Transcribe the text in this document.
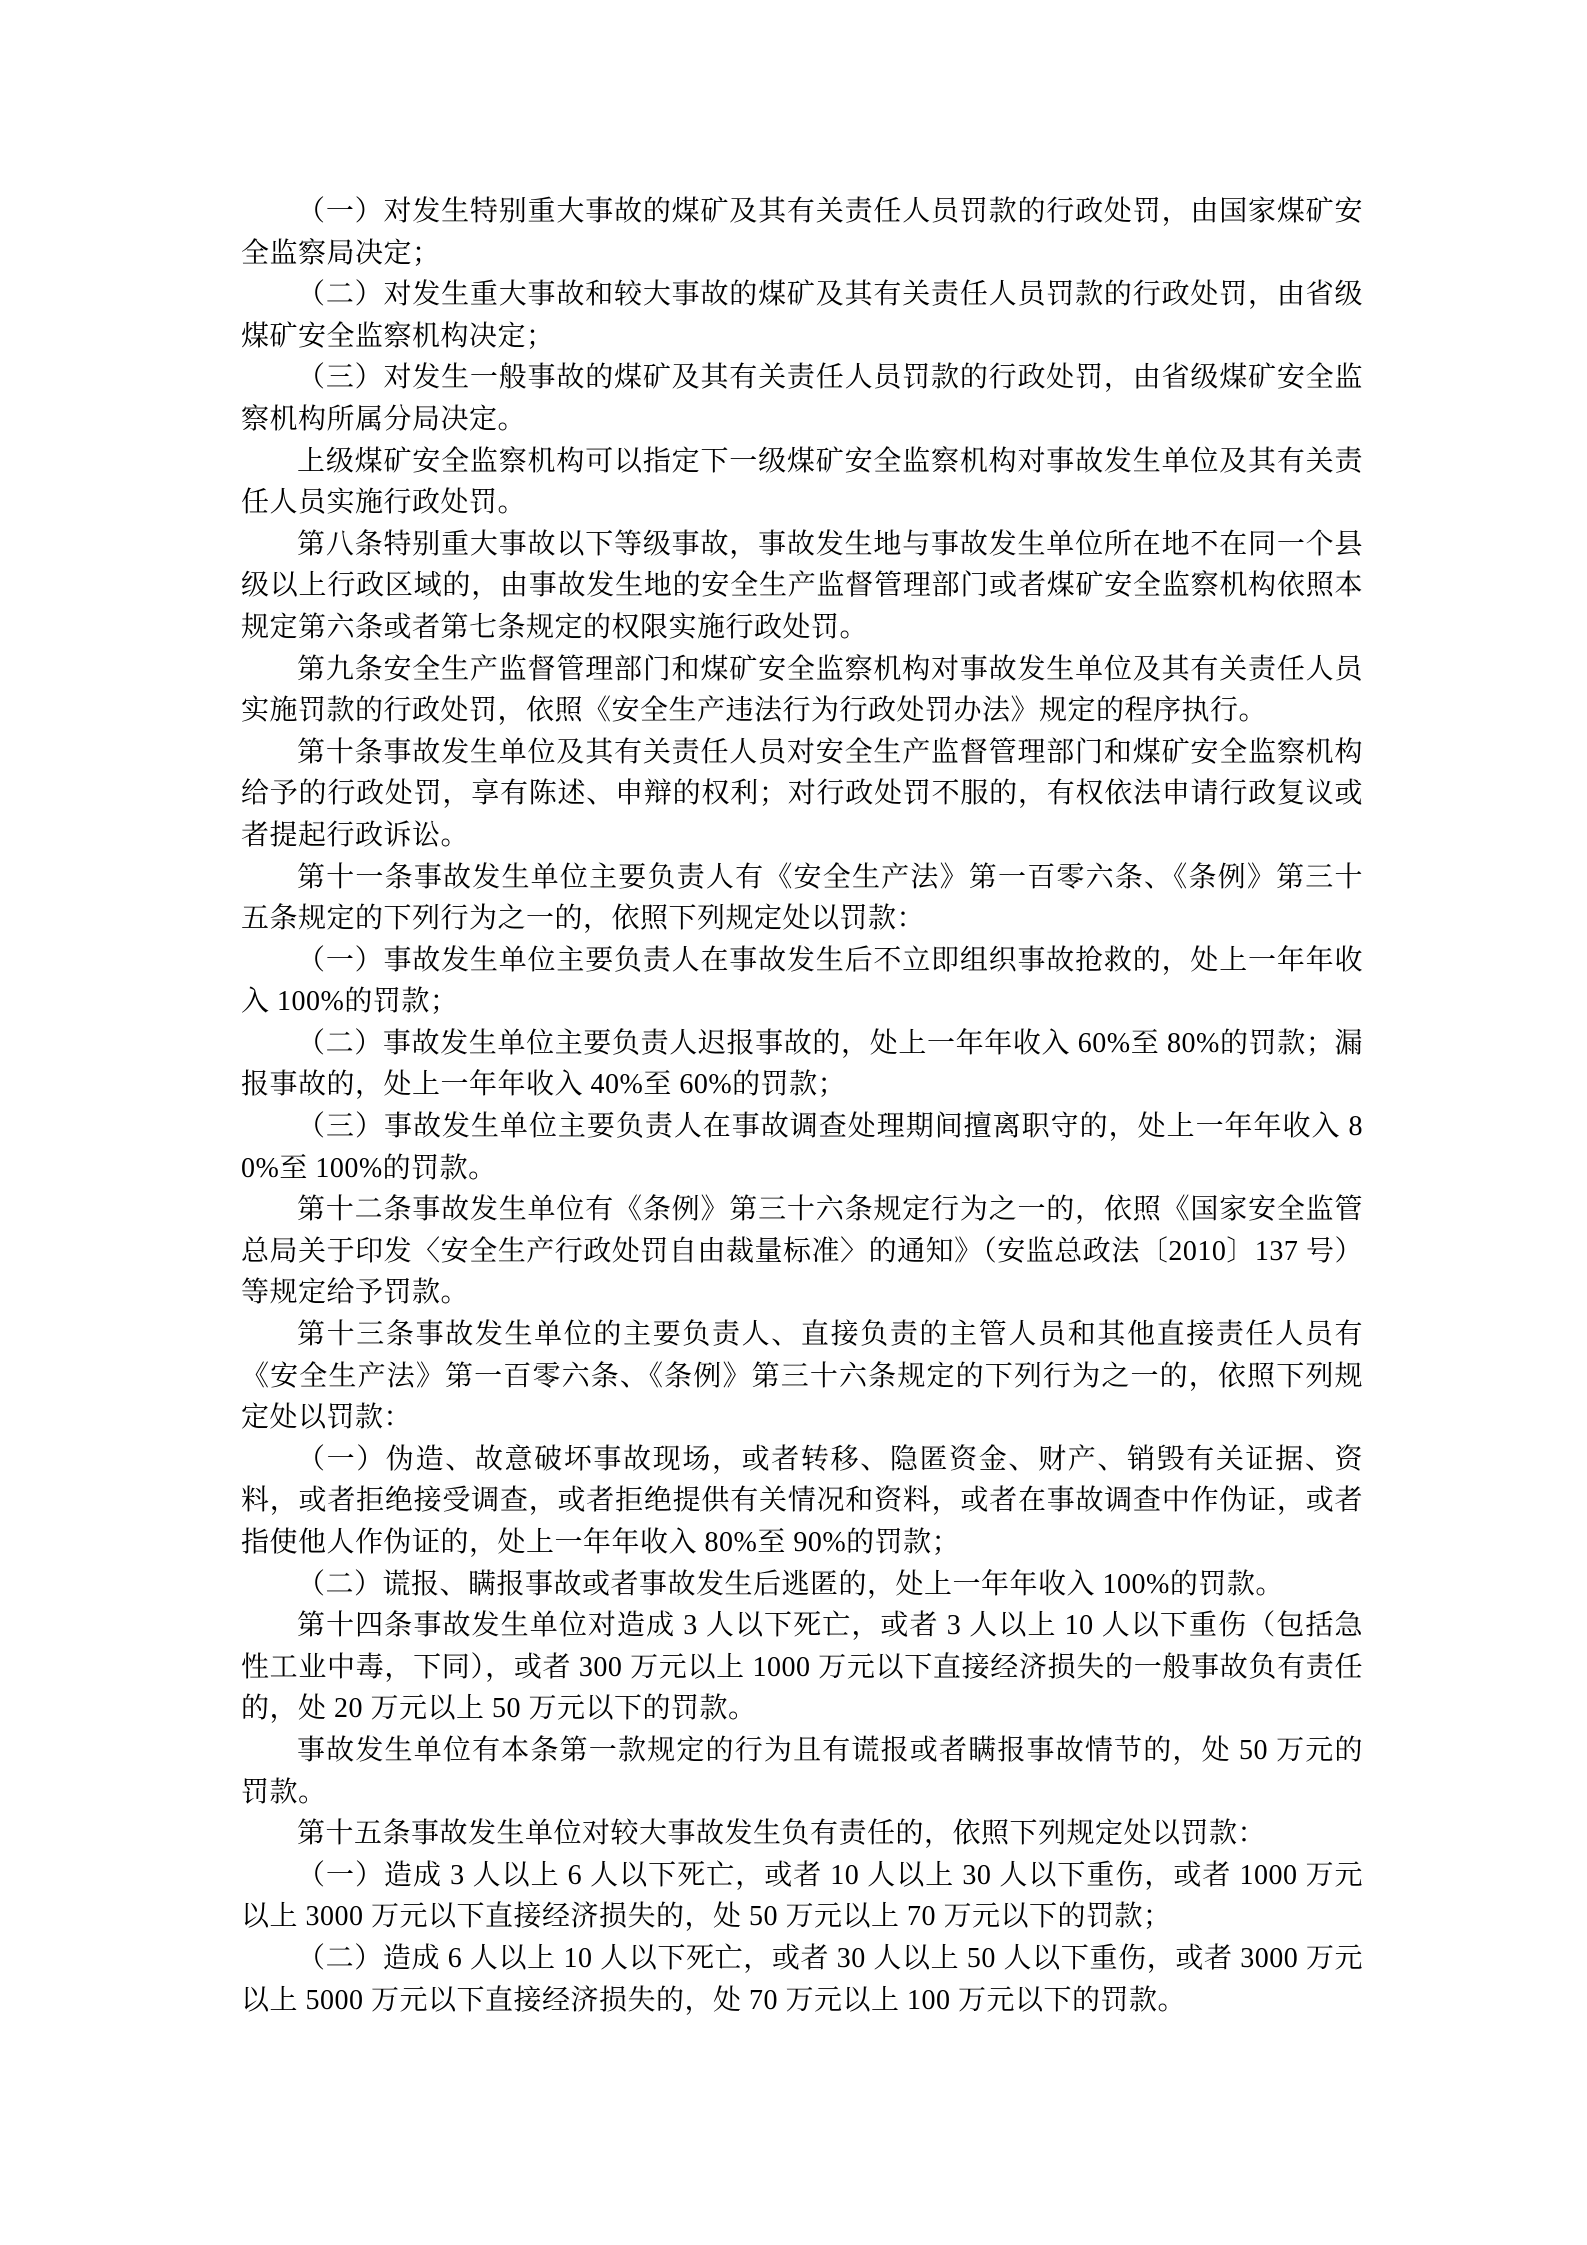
（一）对发生特别重大事故的煤矿及其有关责任人员罚款的行政处罚，由国家煤矿安全监察局决定；

（二）对发生重大事故和较大事故的煤矿及其有关责任人员罚款的行政处罚，由省级煤矿安全监察机构决定；

（三）对发生一般事故的煤矿及其有关责任人员罚款的行政处罚，由省级煤矿安全监察机构所属分局决定。

上级煤矿安全监察机构可以指定下一级煤矿安全监察机构对事故发生单位及其有关责任人员实施行政处罚。

第八条特别重大事故以下等级事故，事故发生地与事故发生单位所在地不在同一个县级以上行政区域的，由事故发生地的安全生产监督管理部门或者煤矿安全监察机构依照本规定第六条或者第七条规定的权限实施行政处罚。

第九条安全生产监督管理部门和煤矿安全监察机构对事故发生单位及其有关责任人员实施罚款的行政处罚，依照《安全生产违法行为行政处罚办法》规定的程序执行。

第十条事故发生单位及其有关责任人员对安全生产监督管理部门和煤矿安全监察机构给予的行政处罚，享有陈述、申辩的权利；对行政处罚不服的，有权依法申请行政复议或者提起行政诉讼。

第十一条事故发生单位主要负责人有《安全生产法》第一百零六条、《条例》第三十五条规定的下列行为之一的，依照下列规定处以罚款：

（一）事故发生单位主要负责人在事故发生后不立即组织事故抢救的，处上一年年收入 100%的罚款；

（二）事故发生单位主要负责人迟报事故的，处上一年年收入 60%至 80%的罚款；漏报事故的，处上一年年收入 40%至 60%的罚款；

（三）事故发生单位主要负责人在事故调查处理期间擅离职守的，处上一年年收入 80%至 100%的罚款。

第十二条事故发生单位有《条例》第三十六条规定行为之一的，依照《国家安全监管总局关于印发〈安全生产行政处罚自由裁量标准〉的通知》（安监总政法〔2010〕137 号）等规定给予罚款。

第十三条事故发生单位的主要负责人、直接负责的主管人员和其他直接责任人员有《安全生产法》第一百零六条、《条例》第三十六条规定的下列行为之一的，依照下列规定处以罚款：

（一）伪造、故意破坏事故现场，或者转移、隐匿资金、财产、销毁有关证据、资料，或者拒绝接受调查，或者拒绝提供有关情况和资料，或者在事故调查中作伪证，或者指使他人作伪证的，处上一年年收入 80%至 90%的罚款；

（二）谎报、瞒报事故或者事故发生后逃匿的，处上一年年收入 100%的罚款。

第十四条事故发生单位对造成 3 人以下死亡，或者 3 人以上 10 人以下重伤（包括急性工业中毒，下同），或者 300 万元以上 1000 万元以下直接经济损失的一般事故负有责任的，处 20 万元以上 50 万元以下的罚款。

事故发生单位有本条第一款规定的行为且有谎报或者瞒报事故情节的，处 50 万元的罚款。

第十五条事故发生单位对较大事故发生负有责任的，依照下列规定处以罚款：

（一）造成 3 人以上 6 人以下死亡，或者 10 人以上 30 人以下重伤，或者 1000 万元以上 3000 万元以下直接经济损失的，处 50 万元以上 70 万元以下的罚款；

（二）造成 6 人以上 10 人以下死亡，或者 30 人以上 50 人以下重伤，或者 3000 万元以上 5000 万元以下直接经济损失的，处 70 万元以上 100 万元以下的罚款。
